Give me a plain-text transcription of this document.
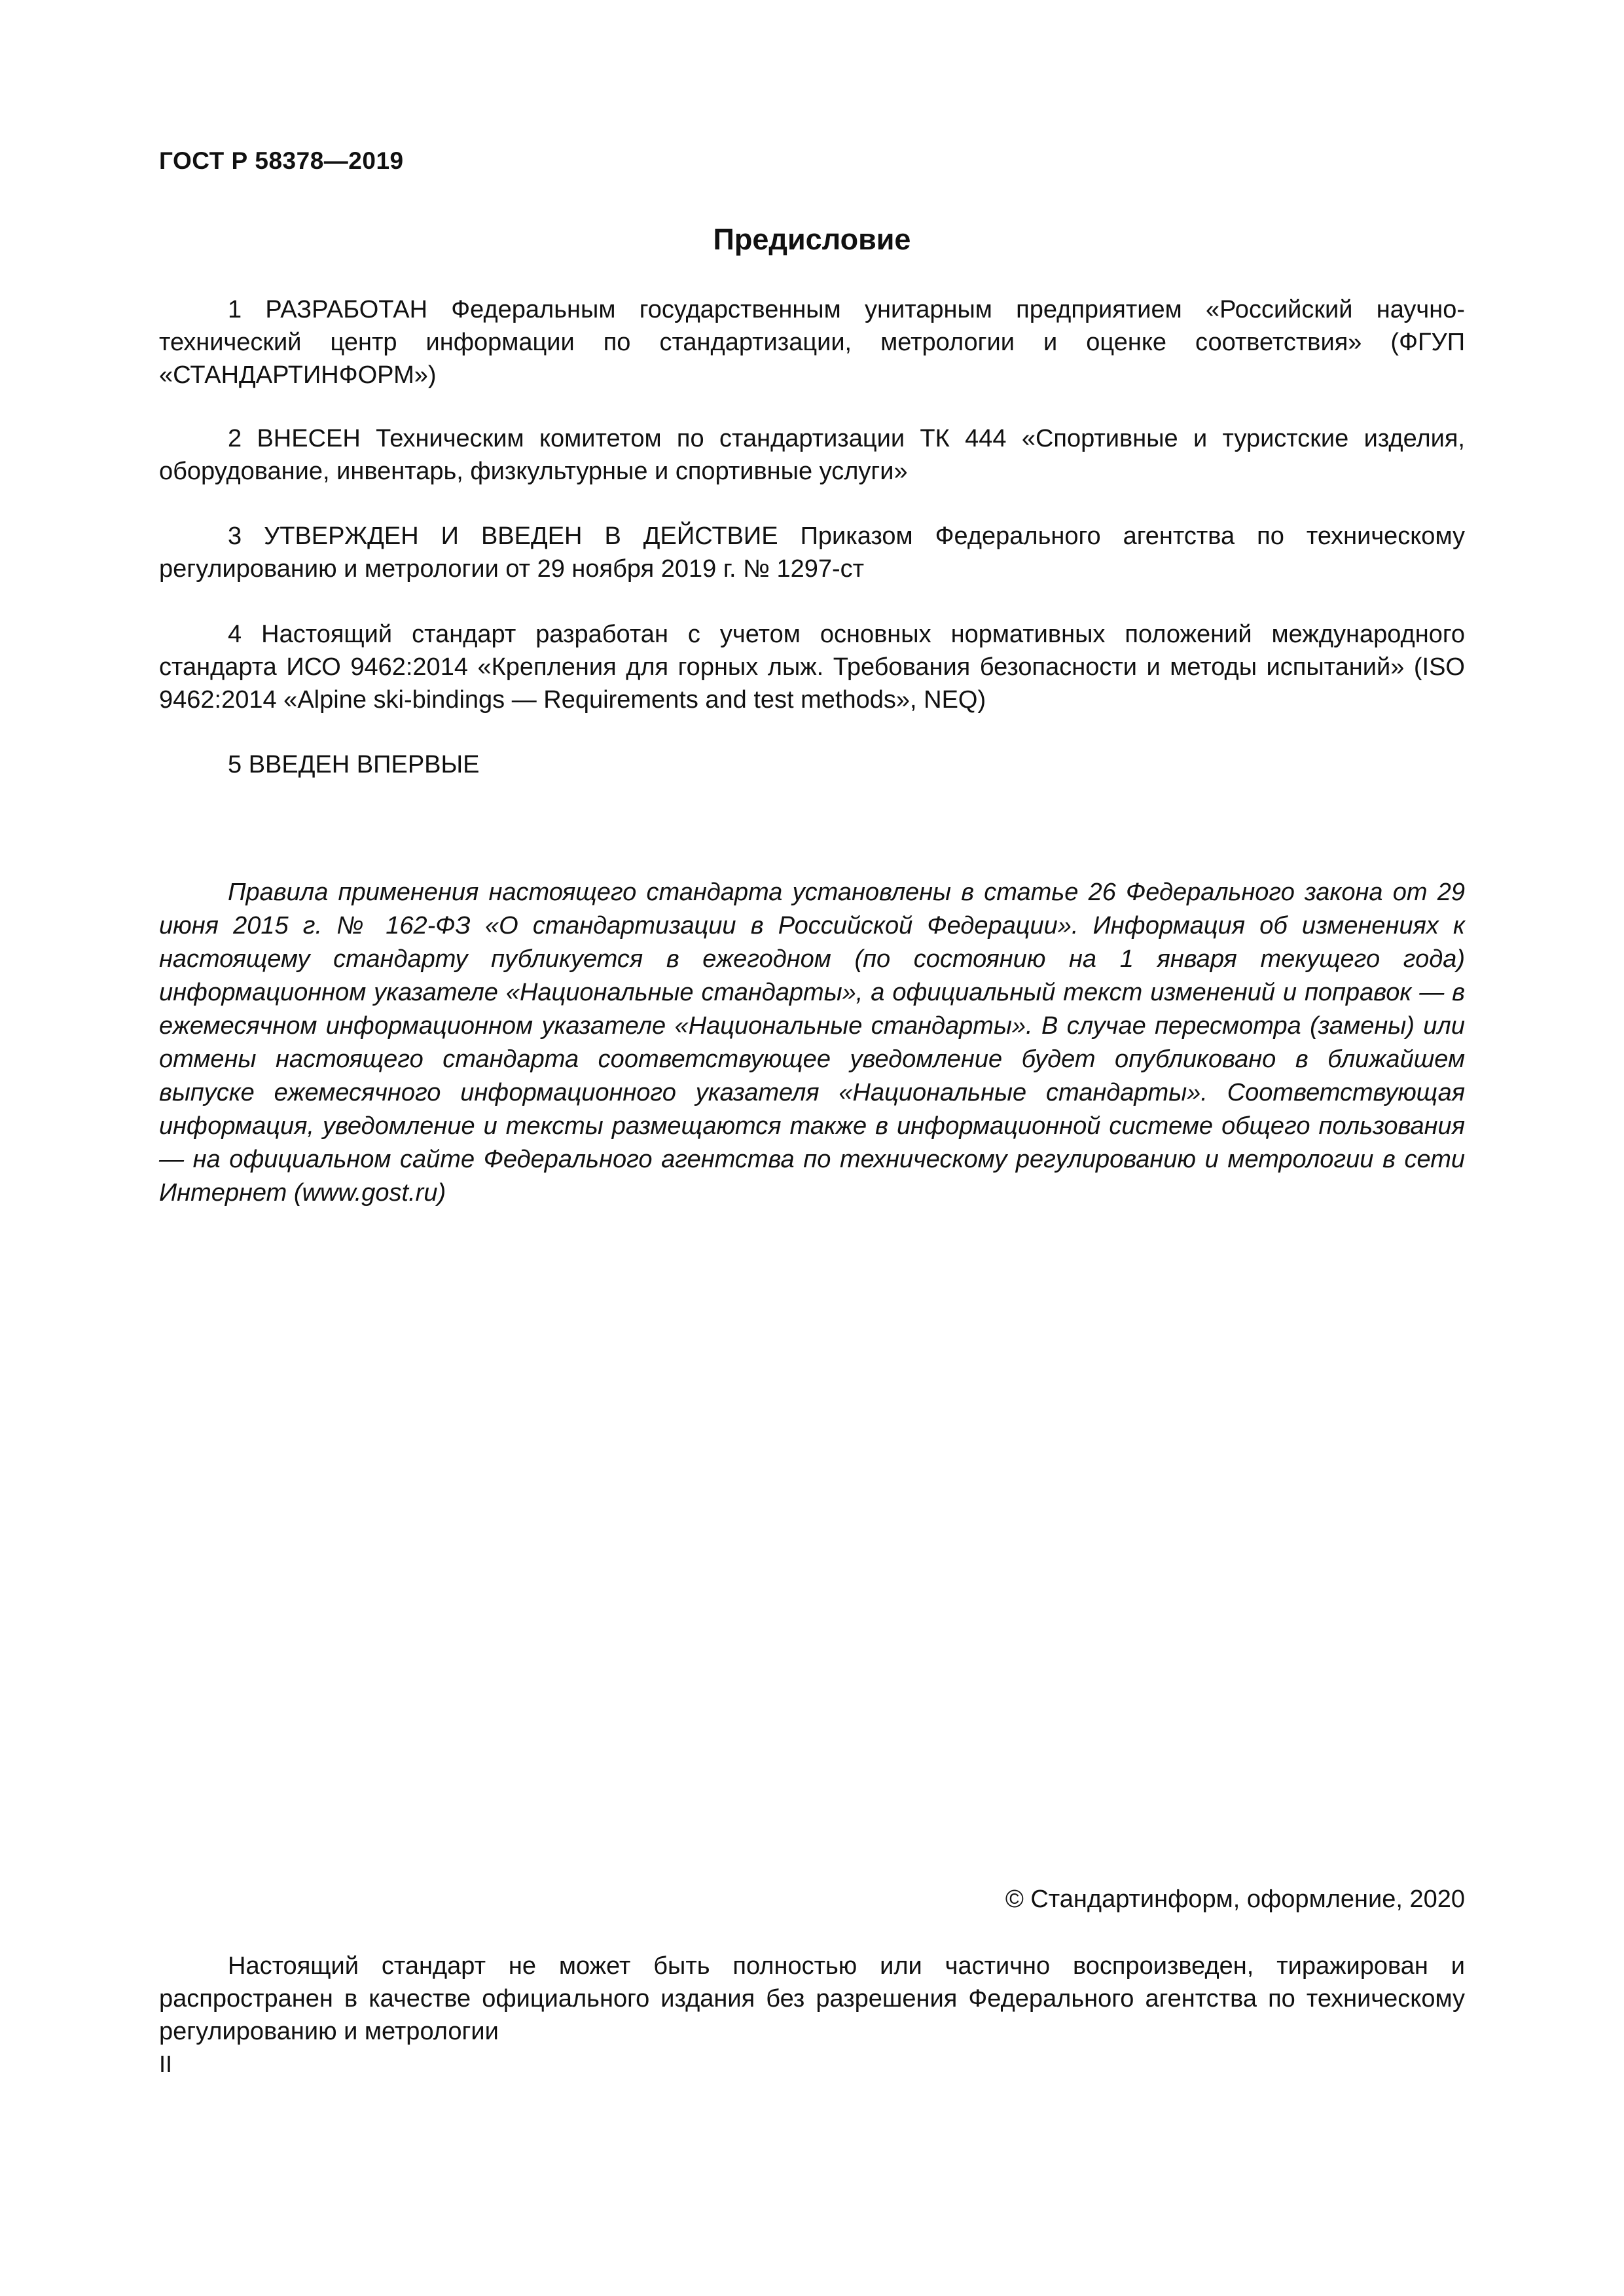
ГОСТ Р 58378—2019
Предисловие

1 РАЗРАБОТАН Федеральным государственным унитарным предприятием «Российский научно-технический центр информации по стандартизации, метрологии и оценке соответствия» (ФГУП «СТАНДАРТИНФОРМ»)

2 ВНЕСЕН Техническим комитетом по стандартизации ТК 444 «Спортивные и туристские изделия, оборудование, инвентарь, физкультурные и спортивные услуги»

3 УТВЕРЖДЕН И ВВЕДЕН В ДЕЙСТВИЕ Приказом Федерального агентства по техническому регулированию и метрологии от 29 ноября 2019 г. № 1297-ст

4 Настоящий стандарт разработан с учетом основных нормативных положений международного стандарта ИСО 9462:2014 «Крепления для горных лыж. Требования безопасности и методы испытаний» (ISO 9462:2014 «Alpine ski-bindings — Requirements and test methods», NEQ)

5 ВВЕДЕН ВПЕРВЫЕ

Правила применения настоящего стандарта установлены в статье 26 Федерального закона от 29 июня 2015 г. № 162-ФЗ «О стандартизации в Российской Федерации». Информация об изменениях к настоящему стандарту публикуется в ежегодном (по состоянию на 1 января текущего года) информационном указателе «Национальные стандарты», а официальный текст изменений и поправок — в ежемесячном информационном указателе «Национальные стандарты». В случае пересмотра (замены) или отмены настоящего стандарта соответствующее уведомление будет опубликовано в ближайшем выпуске ежемесячного информационного указателя «Национальные стандарты». Соответствующая информация, уведомление и тексты размещаются также в информационной системе общего пользования — на официальном сайте Федерального агентства по техническому регулированию и метрологии в сети Интернет (www.gost.ru)

© Стандартинформ, оформление, 2020

Настоящий стандарт не может быть полностью или частично воспроизведен, тиражирован и распространен в качестве официального издания без разрешения Федерального агентства по техническому регулированию и метрологии

II
